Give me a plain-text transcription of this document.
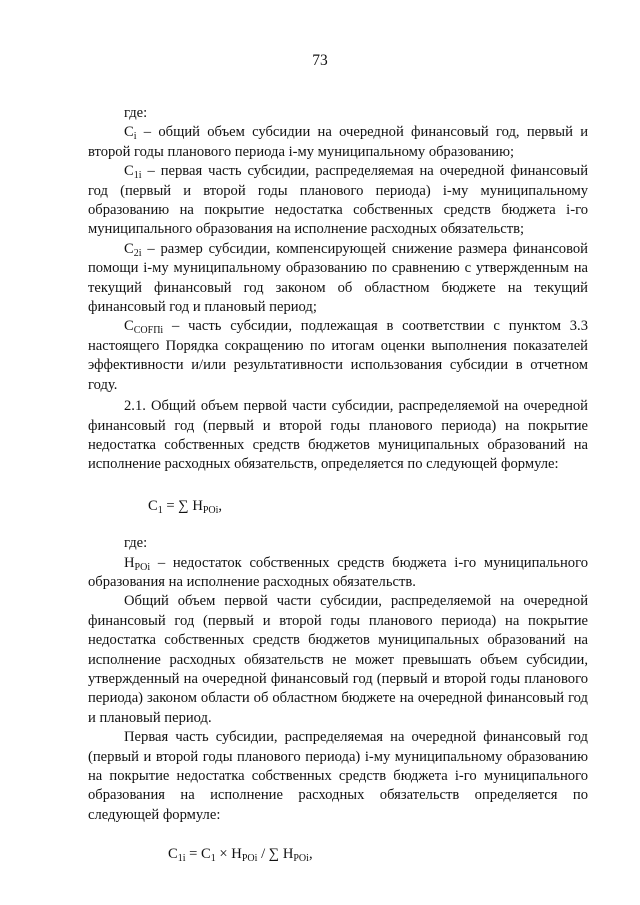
73

где:

$C_i$ – общий объем субсидии на очередной финансовый год, первый и второй годы планового периода i-му муниципальному образованию;

$C_{1i}$ – первая часть субсидии, распределяемая на очередной финансовый год (первый и второй годы планового периода) i-му муниципальному образованию на покрытие недостатка собственных средств бюджета i-го муниципального образования на исполнение расходных обязательств;

$C_{2i}$ – размер субсидии, компенсирующей снижение размера финансовой помощи i-му муниципальному образованию по сравнению с утвержденным на текущий финансовый год законом об областном бюджете на текущий финансовый год и плановый период;

$C_{COFПi}$ – часть субсидии, подлежащая в соответствии с пунктом 3.3 настоящего Порядка сокращению по итогам оценки выполнения показателей эффективности и/или результативности использования субсидии в отчетном году.

2.1. Общий объем первой части субсидии, распределяемой на очередной финансовый год (первый и второй годы планового периода) на покрытие недостатка собственных средств бюджетов муниципальных образований на исполнение расходных обязательств, определяется по следующей формуле:

$C_1$ = ∑ $H_{POi}$,

где:

$H_{POi}$ – недостаток собственных средств бюджета i-го муниципального образования на исполнение расходных обязательств.

Общий объем первой части субсидии, распределяемой на очередной финансовый год (первый и второй годы планового периода) на покрытие недостатка собственных средств бюджетов муниципальных образований на исполнение расходных обязательств не может превышать объем субсидии, утвержденный на очередной финансовый год (первый и второй годы планового периода) законом области об областном бюджете на очередной финансовый год и плановый период.

Первая часть субсидии, распределяемая на очередной финансовый год (первый и второй годы планового периода) i-му муниципальному образованию на покрытие недостатка собственных средств бюджета i-го муниципального образования на исполнение расходных обязательств определяется по следующей формуле:

$C_{1i} = C_1 \times H_{POi}$ / ∑ $H_{POi}$,
